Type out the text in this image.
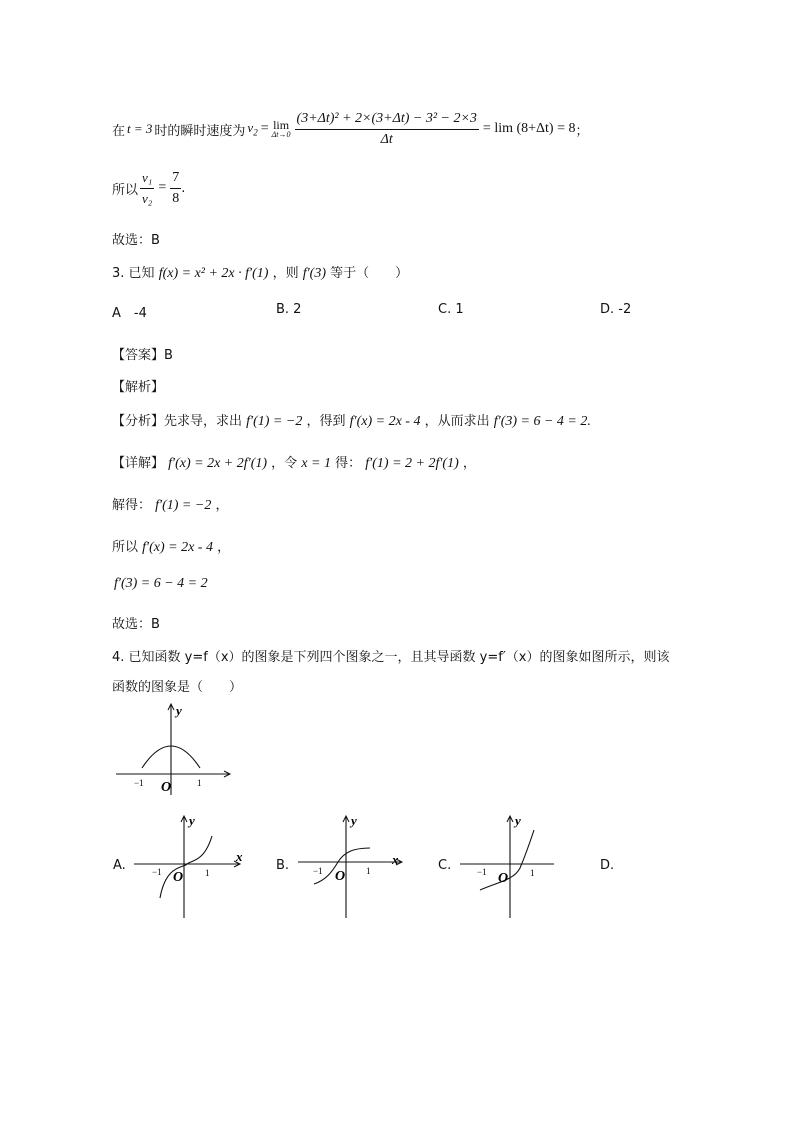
在 t = 3 时的瞬时速度为 $v_2 = \lim$
$\Delta t\to 0 \frac{\text{(3+Δt)² + 2×(3+Δt) − 3² − 2×3}}{\Delta t} = \lim (8+\Delta t) = 8$ ；
所以 $\frac{\text{v₁}}{\text{v₂}} = \frac{7}{8}$ .
故选：B
3. 已知 f(x) = x² + 2x · f′(1) ，则 f′(3) 等于（　　）
A　-4	B. 2	C. 1	D. -2
【答案】B
【解析】
【分析】先求导，求出 f′(1) = −2 ，得到 f′(x) = 2x - 4 ，从而求出 f′(3) = 6 − 4 = 2.
【详解】 f′(x) = 2x + 2f′(1) ，令 x = 1 得： f′(1) = 2 + 2f′(1) ，
解得： f′(1) = −2 ，
所以 f′(x) = 2x - 4 ，
f′(3) = 6 − 4 = 2
故选：B
4. 已知函数 y=f（x）的图象是下列四个图象之一，且其导函数 y=f′（x）的图象如图所示，则该
函数的图象是（　　）
y
−1	1
O
A.
y
x
−1	1
O
B.
y
x
−1	1
O
C.
y
−1	1
O
D.
